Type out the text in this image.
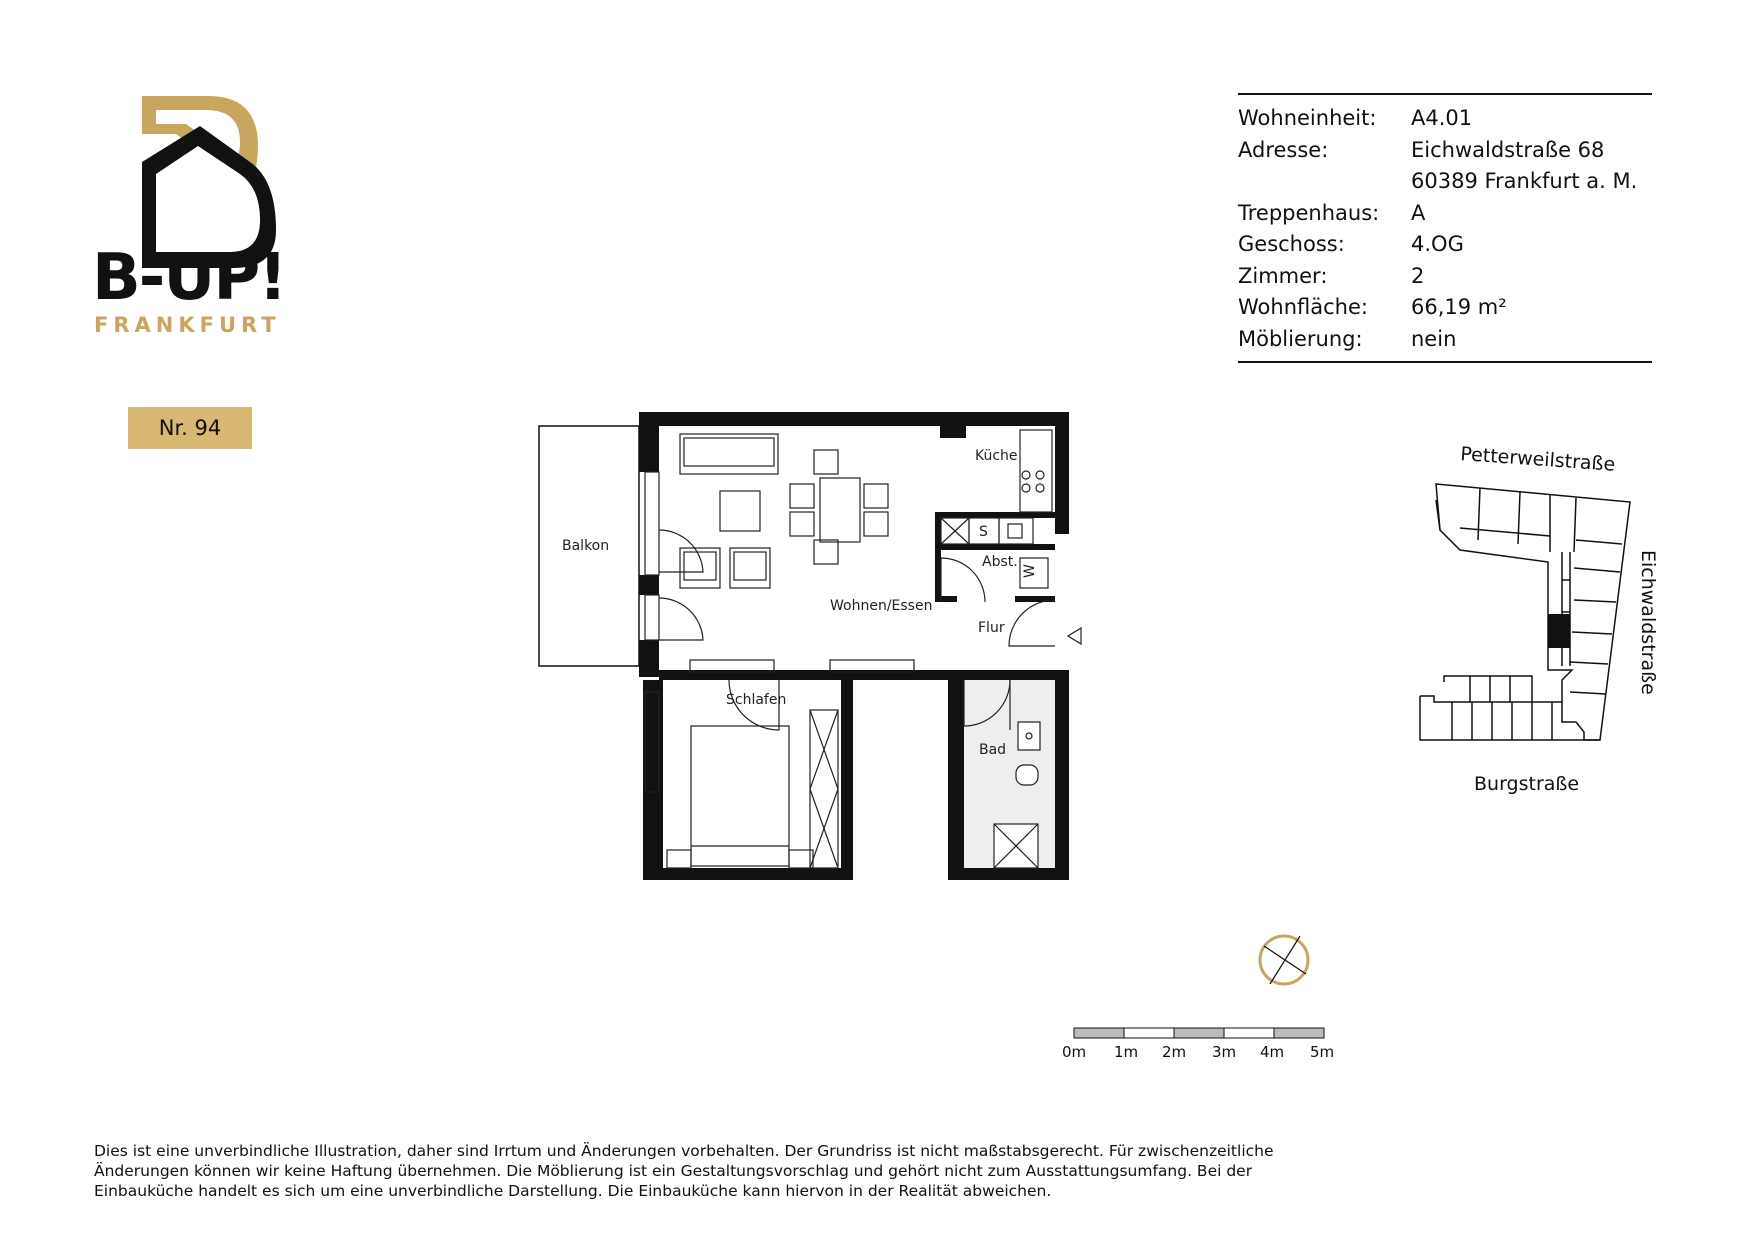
B-UP!
FRANKFURT
Nr. 94
Wohneinheit:	A4.01
Adresse:	Eichwaldstraße 68
60389 Frankfurt a. M.
Treppenhaus:	A
Geschoss:	4.OG
Zimmer:	2
Wohnfläche:	66,19 m²
Möblierung:	nein
Balkon
S
Küche
Abst.
W
Wohnen/Essen
Flur
Schlafen
Bad
Petterweilstraße
Eichwaldstraße
Burgstraße
0m 1m 2m 3m 4m 5m
Dies ist eine unverbindliche Illustration, daher sind Irrtum und Änderungen vorbehalten. Der Grundriss ist nicht maßstabsgerecht. Für zwischenzeitliche
Änderungen können wir keine Haftung übernehmen. Die Möblierung ist ein Gestaltungsvorschlag und gehört nicht zum Ausstattungsumfang. Bei der
Einbauküche handelt es sich um eine unverbindliche Darstellung. Die Einbauküche kann hiervon in der Realität abweichen.
